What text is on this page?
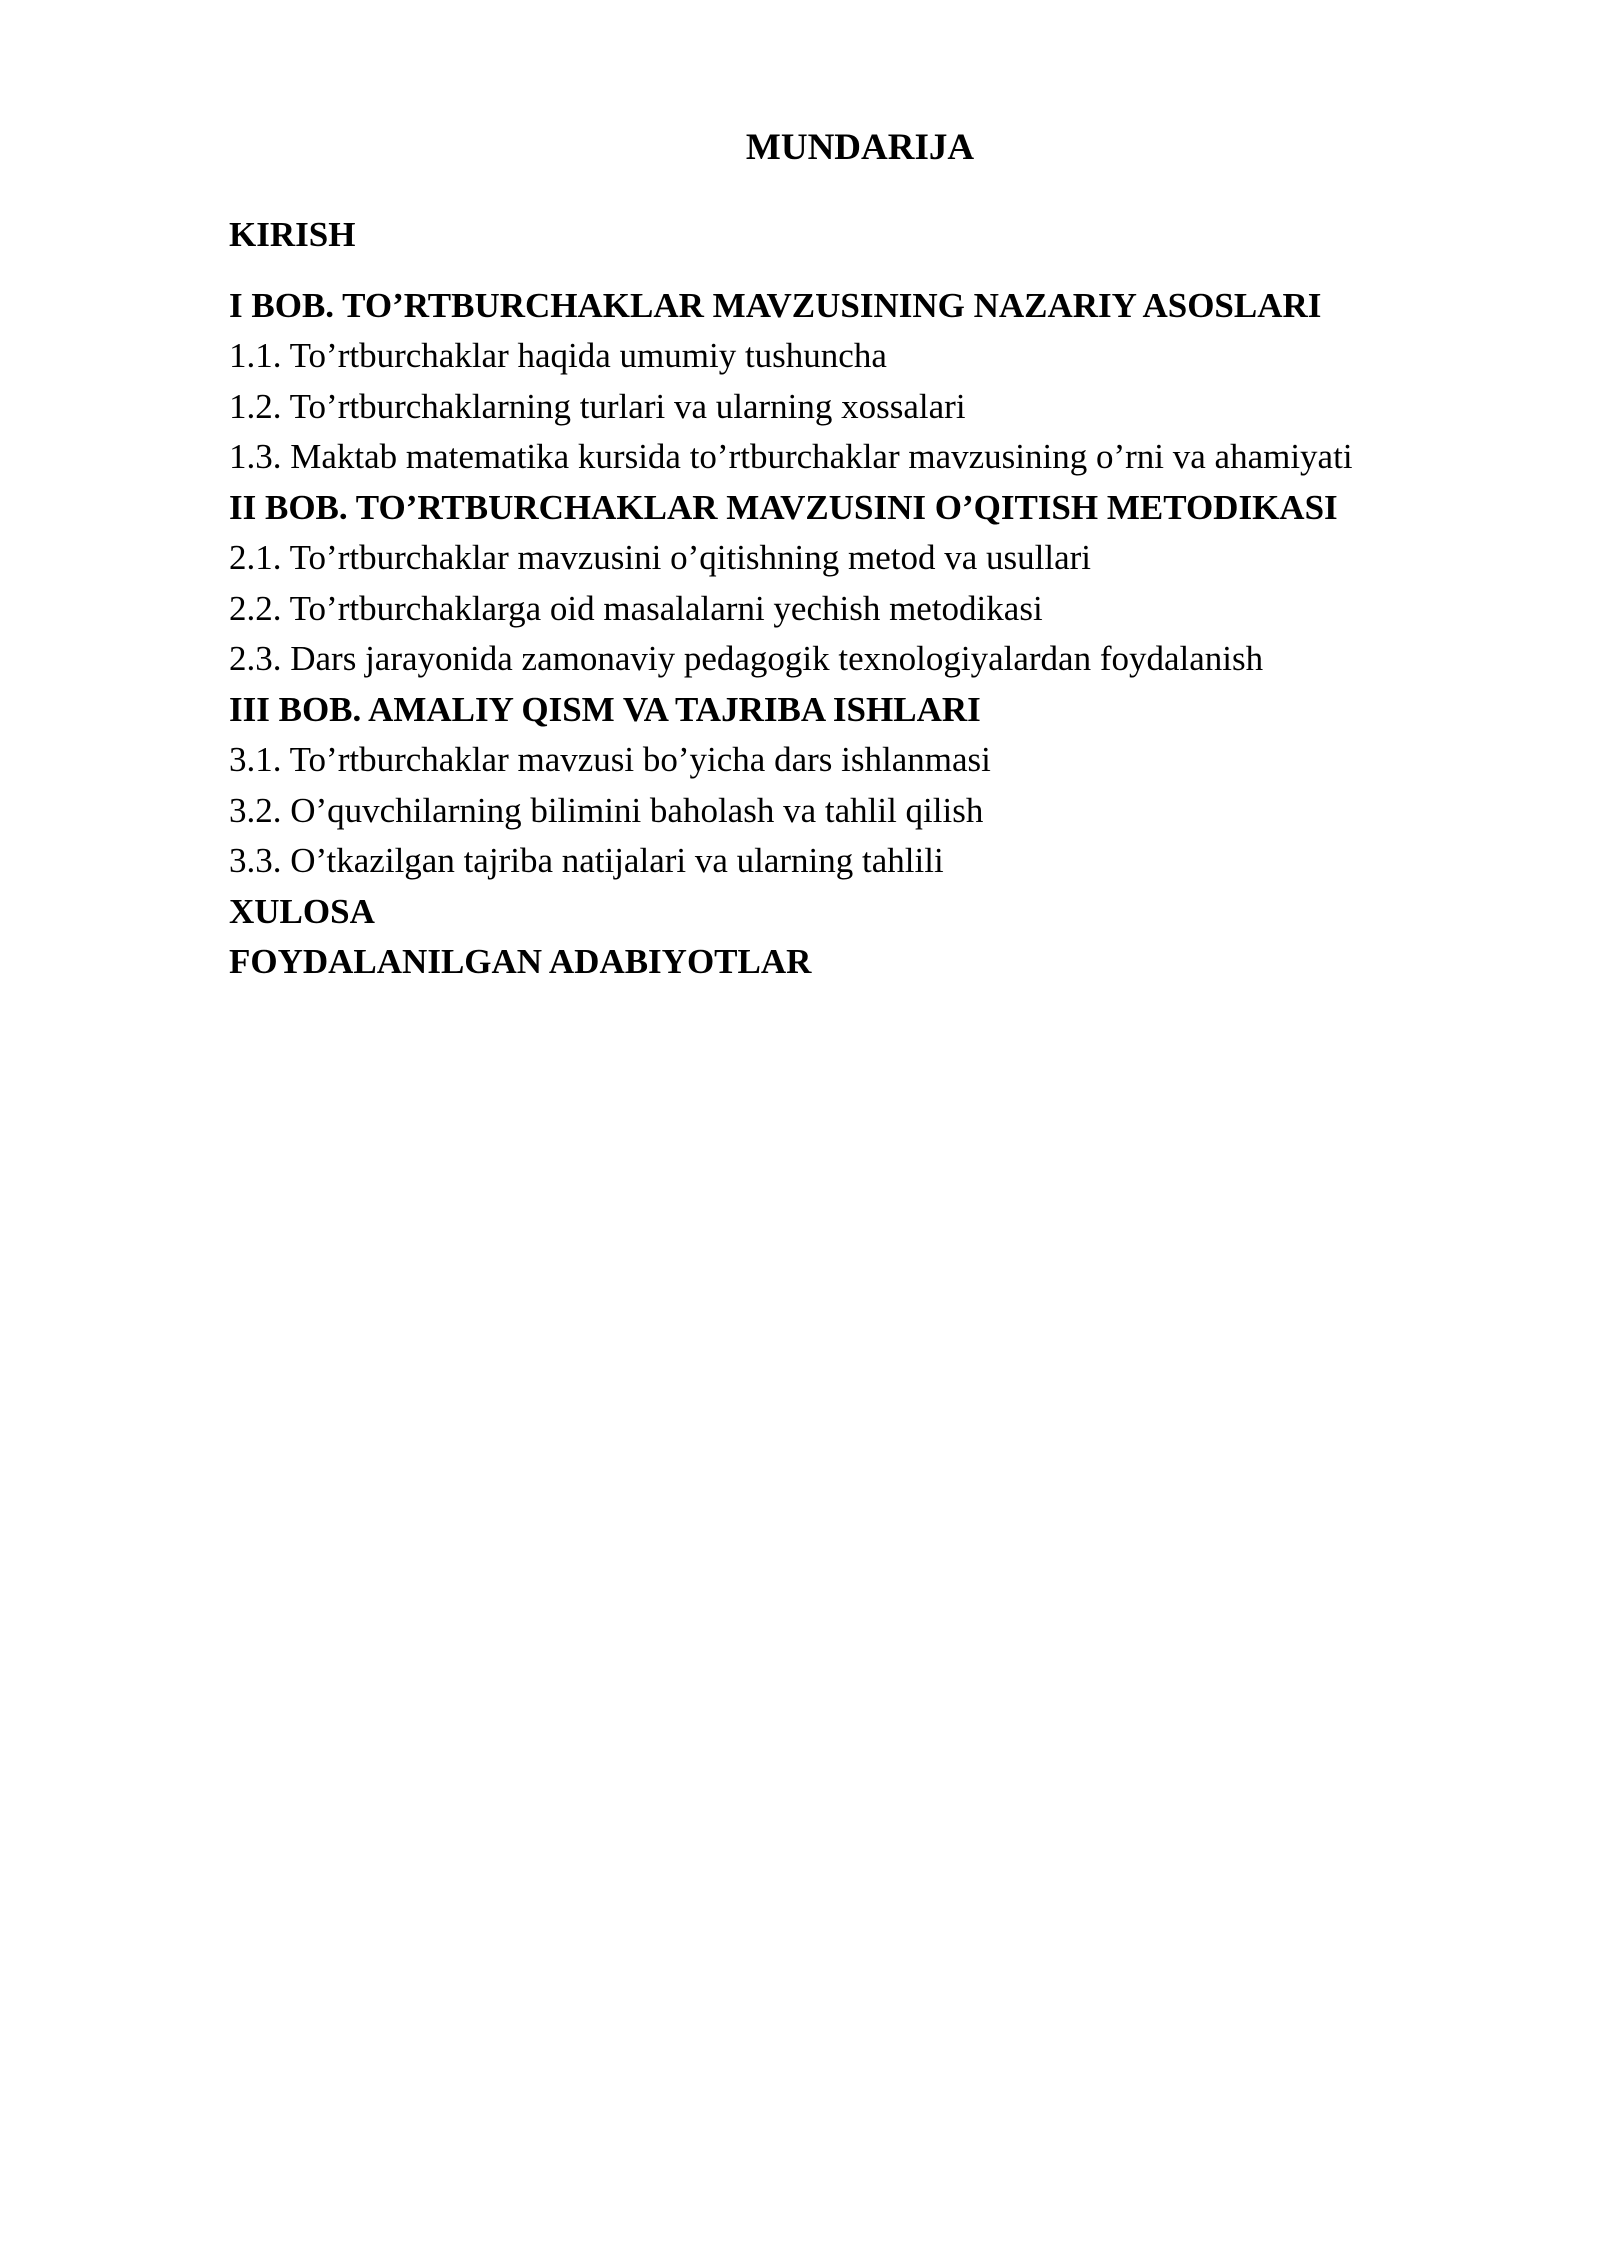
MUNDARIJA
KIRISH
I BOB. TO’RTBURCHAKLAR MAVZUSINING NAZARIY ASOSLARI
1.1. To’rtburchaklar haqida umumiy tushuncha
1.2. To’rtburchaklarning turlari va ularning xossalari
1.3. Maktab matematika kursida to’rtburchaklar mavzusining o’rni va ahamiyati
II BOB. TO’RTBURCHAKLAR MAVZUSINI O’QITISH METODIKASI
2.1. To’rtburchaklar mavzusini o’qitishning metod va usullari
2.2. To’rtburchaklarga oid masalalarni yechish metodikasi
2.3. Dars jarayonida zamonaviy pedagogik texnologiyalardan foydalanish
III BOB. AMALIY QISM VA TAJRIBA ISHLARI
3.1. To’rtburchaklar mavzusi bo’yicha dars ishlanmasi
3.2. O’quvchilarning bilimini baholash va tahlil qilish
3.3. O’tkazilgan tajriba natijalari va ularning tahlili
XULOSA
FOYDALANILGAN ADABIYOTLAR
